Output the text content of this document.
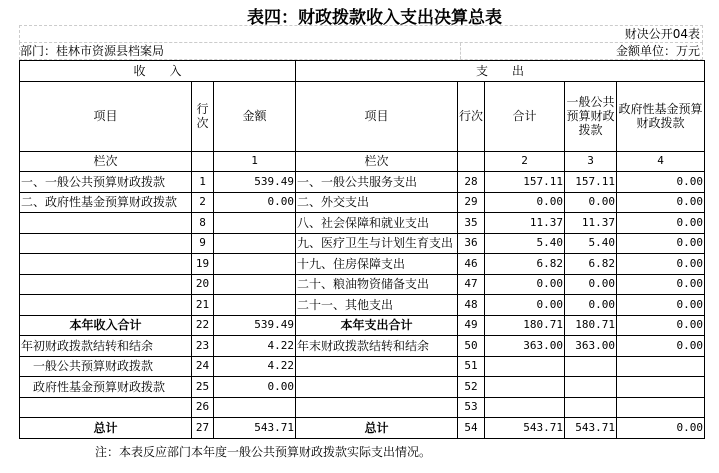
表四：财政拨款收入支出决算总表
财决公开04表
部门：桂林市资源县档案局	金额单位：万元
收　　入			支　　出				
项目	行次	金额	项目	行次	合计	一般公共预算财政拨款	政府性基金预算财政拨款
栏次		1	栏次		2	3	4
一、一般公共预算财政拨款	1	539.49	一、一般公共服务支出	28	157.11	157.11	0.00
二、政府性基金预算财政拨款	2	0.00	二、外交支出	29	0.00	0.00	0.00
	8		八、社会保障和就业支出	35	11.37	11.37	0.00
	9		九、医疗卫生与计划生育支出	36	5.40	5.40	0.00
	19		十九、住房保障支出	46	6.82	6.82	0.00
	20		二十、粮油物资储备支出	47	0.00	0.00	0.00
	21		二十一、其他支出	48	0.00	0.00	0.00
本年收入合计	22	539.49	本年支出合计	49	180.71	180.71	0.00
年初财政拨款结转和结余	23	4.22	年末财政拨款结转和结余	50	363.00	363.00	0.00
　一般公共预算财政拨款	24	4.22		51			
　政府性基金预算财政拨款	25	0.00		52			
	26			53			
总计	27	543.71	总计	54	543.71	543.71	0.00
注：本表反应部门本年度一般公共预算财政拨款实际支出情况。
